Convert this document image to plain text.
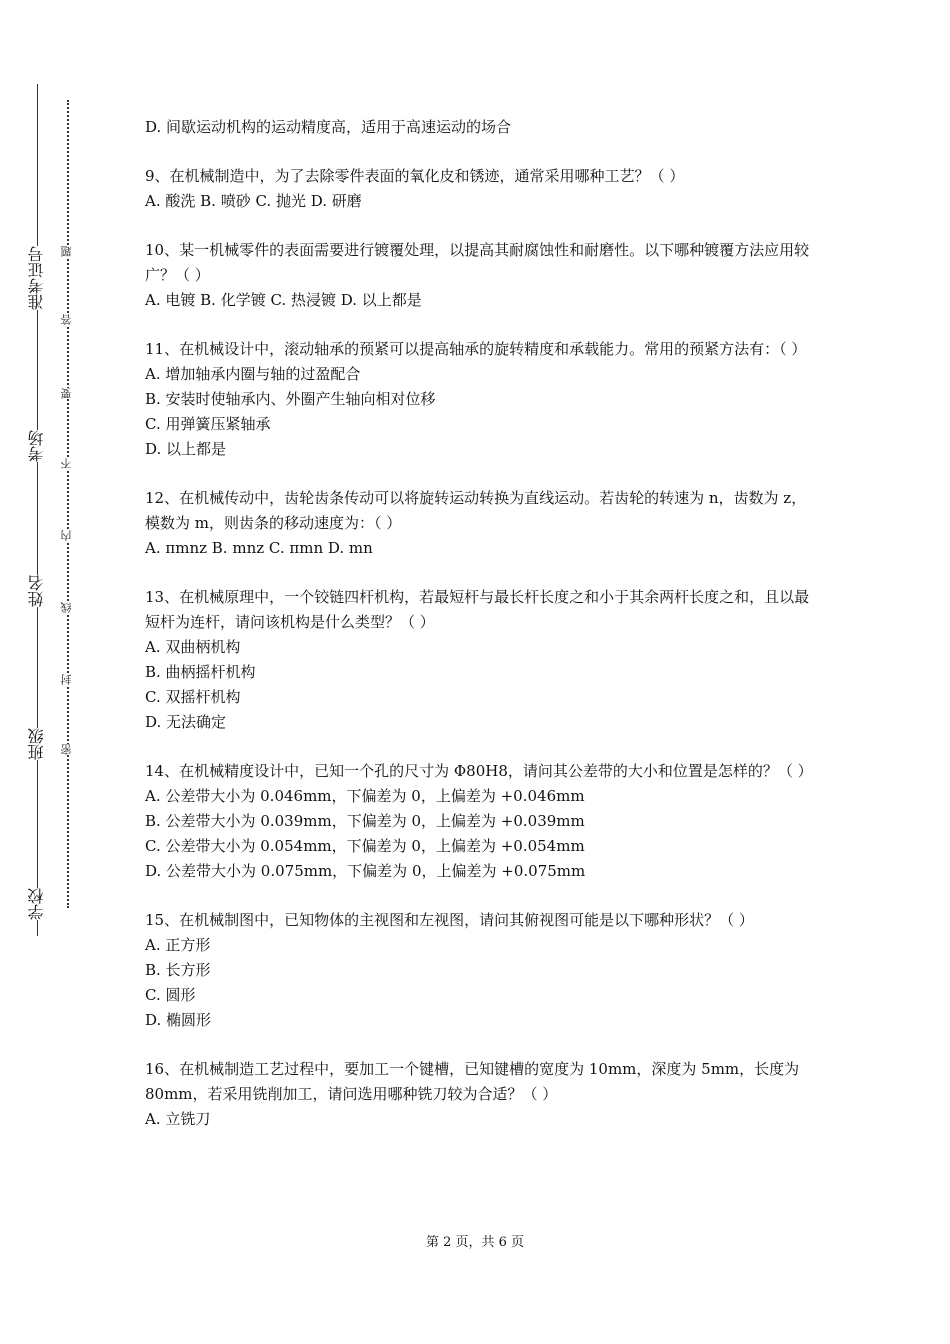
准考证号
考场
姓名
班级
学校
题
答
要
不
内
线
封
密

D. 间歇运动机构的运动精度高，适用于高速运动的场合

9、在机械制造中，为了去除零件表面的氧化皮和锈迹，通常采用哪种工艺？（ ）

A. 酸洗 B. 喷砂 C. 抛光 D. 研磨

10、某一机械零件的表面需要进行镀覆处理，以提高其耐腐蚀性和耐磨性。以下哪种镀覆方法应用较广？（ ）

A. 电镀 B. 化学镀 C. 热浸镀 D. 以上都是

11、在机械设计中，滚动轴承的预紧可以提高轴承的旋转精度和承载能力。常用的预紧方法有：（ ）

A. 增加轴承内圈与轴的过盈配合

B. 安装时使轴承内、外圈产生轴向相对位移

C. 用弹簧压紧轴承

D. 以上都是

12、在机械传动中，齿轮齿条传动可以将旋转运动转换为直线运动。若齿轮的转速为 n，齿数为 z，模数为 m，则齿条的移动速度为：（ ）

A. πmnz B. mnz C. πmn D. mn

13、在机械原理中，一个铰链四杆机构，若最短杆与最长杆长度之和小于其余两杆长度之和，且以最短杆为连杆，请问该机构是什么类型？（ ）

A. 双曲柄机构

B. 曲柄摇杆机构

C. 双摇杆机构

D. 无法确定

14、在机械精度设计中，已知一个孔的尺寸为 Φ80H8，请问其公差带的大小和位置是怎样的？（ ）

A. 公差带大小为 0.046mm，下偏差为 0，上偏差为 +0.046mm

B. 公差带大小为 0.039mm，下偏差为 0，上偏差为 +0.039mm

C. 公差带大小为 0.054mm，下偏差为 0，上偏差为 +0.054mm

D. 公差带大小为 0.075mm，下偏差为 0，上偏差为 +0.075mm

15、在机械制图中，已知物体的主视图和左视图，请问其俯视图可能是以下哪种形状？（ ）

A. 正方形

B. 长方形

C. 圆形

D. 椭圆形

16、在机械制造工艺过程中，要加工一个键槽，已知键槽的宽度为 10mm，深度为 5mm，长度为 80mm，若采用铣削加工，请问选用哪种铣刀较为合适？（ ）

A. 立铣刀

第 2 页，共 6 页
